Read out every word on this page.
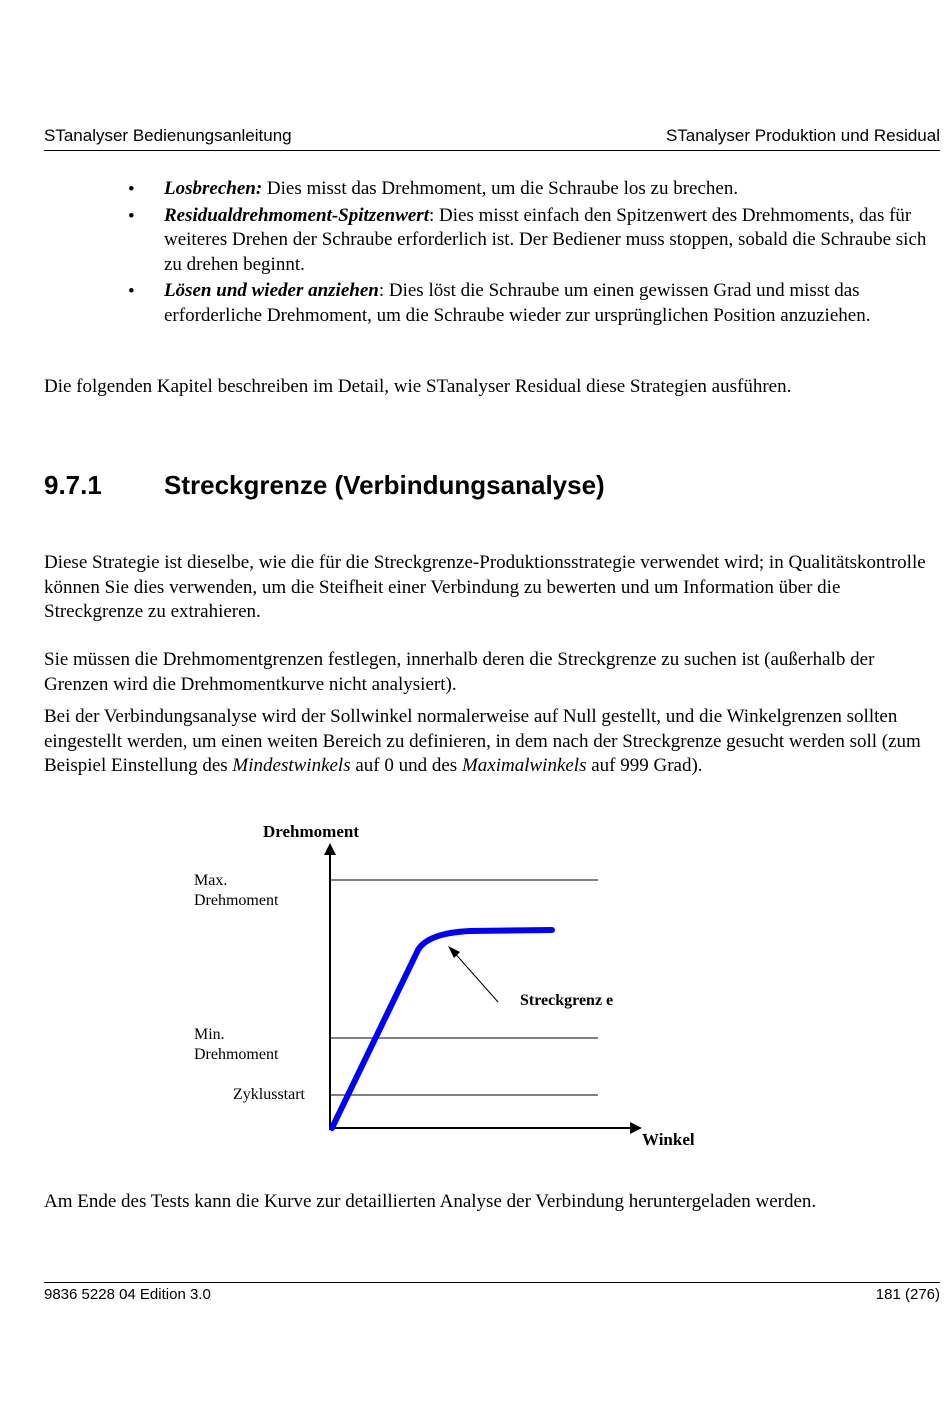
STanalyser Bedienungsanleitung	STanalyser Produktion und Residual
• Losbrechen: Dies misst das Drehmoment, um die Schraube los zu brechen.
• Residualdrehmoment-Spitzenwert: Dies misst einfach den Spitzenwert des Drehmoments, das für weiteres Drehen der Schraube erforderlich ist. Der Bediener muss stoppen, sobald die Schraube sich zu drehen beginnt.
• Lösen und wieder anziehen: Dies löst die Schraube um einen gewissen Grad und misst das erforderliche Drehmoment, um die Schraube wieder zur ursprünglichen Position anzuziehen.
Die folgenden Kapitel beschreiben im Detail, wie STanalyser Residual diese Strategien ausführen.
9.7.1 Streckgrenze (Verbindungsanalyse)
Diese Strategie ist dieselbe, wie die für die Streckgrenze-Produktionsstrategie verwendet wird; in Qualitätskontrolle können Sie dies verwenden, um die Steifheit einer Verbindung zu bewerten und um Information über die Streckgrenze zu extrahieren.
Sie müssen die Drehmomentgrenzen festlegen, innerhalb deren die Streckgrenze zu suchen ist (außerhalb der Grenzen wird die Drehmomentkurve nicht analysiert).
Bei der Verbindungsanalyse wird der Sollwinkel normalerweise auf Null gestellt, und die Winkelgrenzen sollten eingestellt werden, um einen weiten Bereich zu definieren, in dem nach der Streckgrenze gesucht werden soll (zum Beispiel Einstellung des Mindestwinkels auf 0 und des Maximalwinkels auf 999 Grad).
Drehmoment
Max.
Drehmoment
Min.
Drehmoment
Zyklusstart
Streckgrenz e
Winkel
Am Ende des Tests kann die Kurve zur detaillierten Analyse der Verbindung heruntergeladen werden.
9836 5228 04 Edition 3.0	181 (276)
